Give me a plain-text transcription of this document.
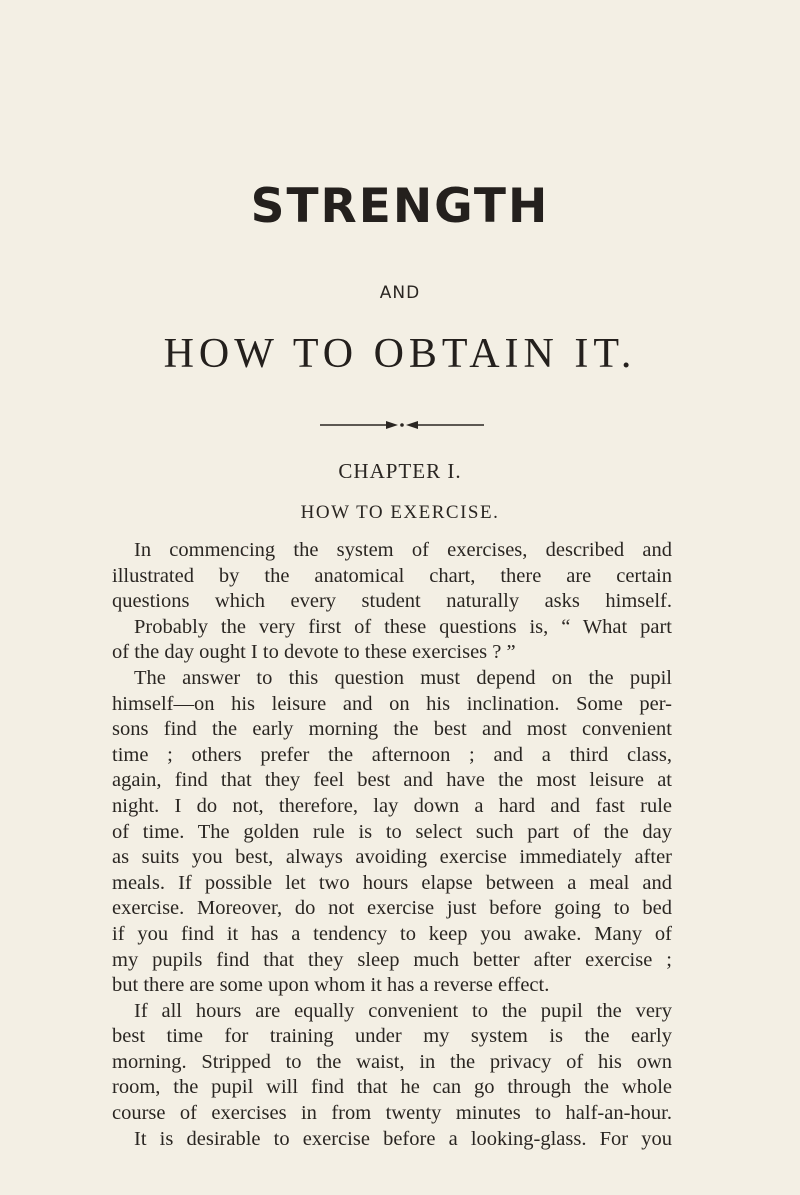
STRENGTH
AND
HOW TO OBTAIN IT.
CHAPTER I.
HOW TO EXERCISE.
In commencing the system of exercises, described and
illustrated by the anatomical chart, there are certain
questions which every student naturally asks himself.
Probably the very first of these questions is, “ What part
of the day ought I to devote to these exercises ? ”
The answer to this question must depend on the pupil
himself—on his leisure and on his inclination. Some per-
sons find the early morning the best and most convenient
time ; others prefer the afternoon ; and a third class,
again, find that they feel best and have the most leisure at
night. I do not, therefore, lay down a hard and fast rule
of time. The golden rule is to select such part of the day
as suits you best, always avoiding exercise immediately after
meals. If possible let two hours elapse between a meal and
exercise. Moreover, do not exercise just before going to bed
if you find it has a tendency to keep you awake. Many of
my pupils find that they sleep much better after exercise ;
but there are some upon whom it has a reverse effect.
If all hours are equally convenient to the pupil the very
best time for training under my system is the early
morning. Stripped to the waist, in the privacy of his own
room, the pupil will find that he can go through the whole
course of exercises in from twenty minutes to half-an-hour.
It is desirable to exercise before a looking-glass. For you
